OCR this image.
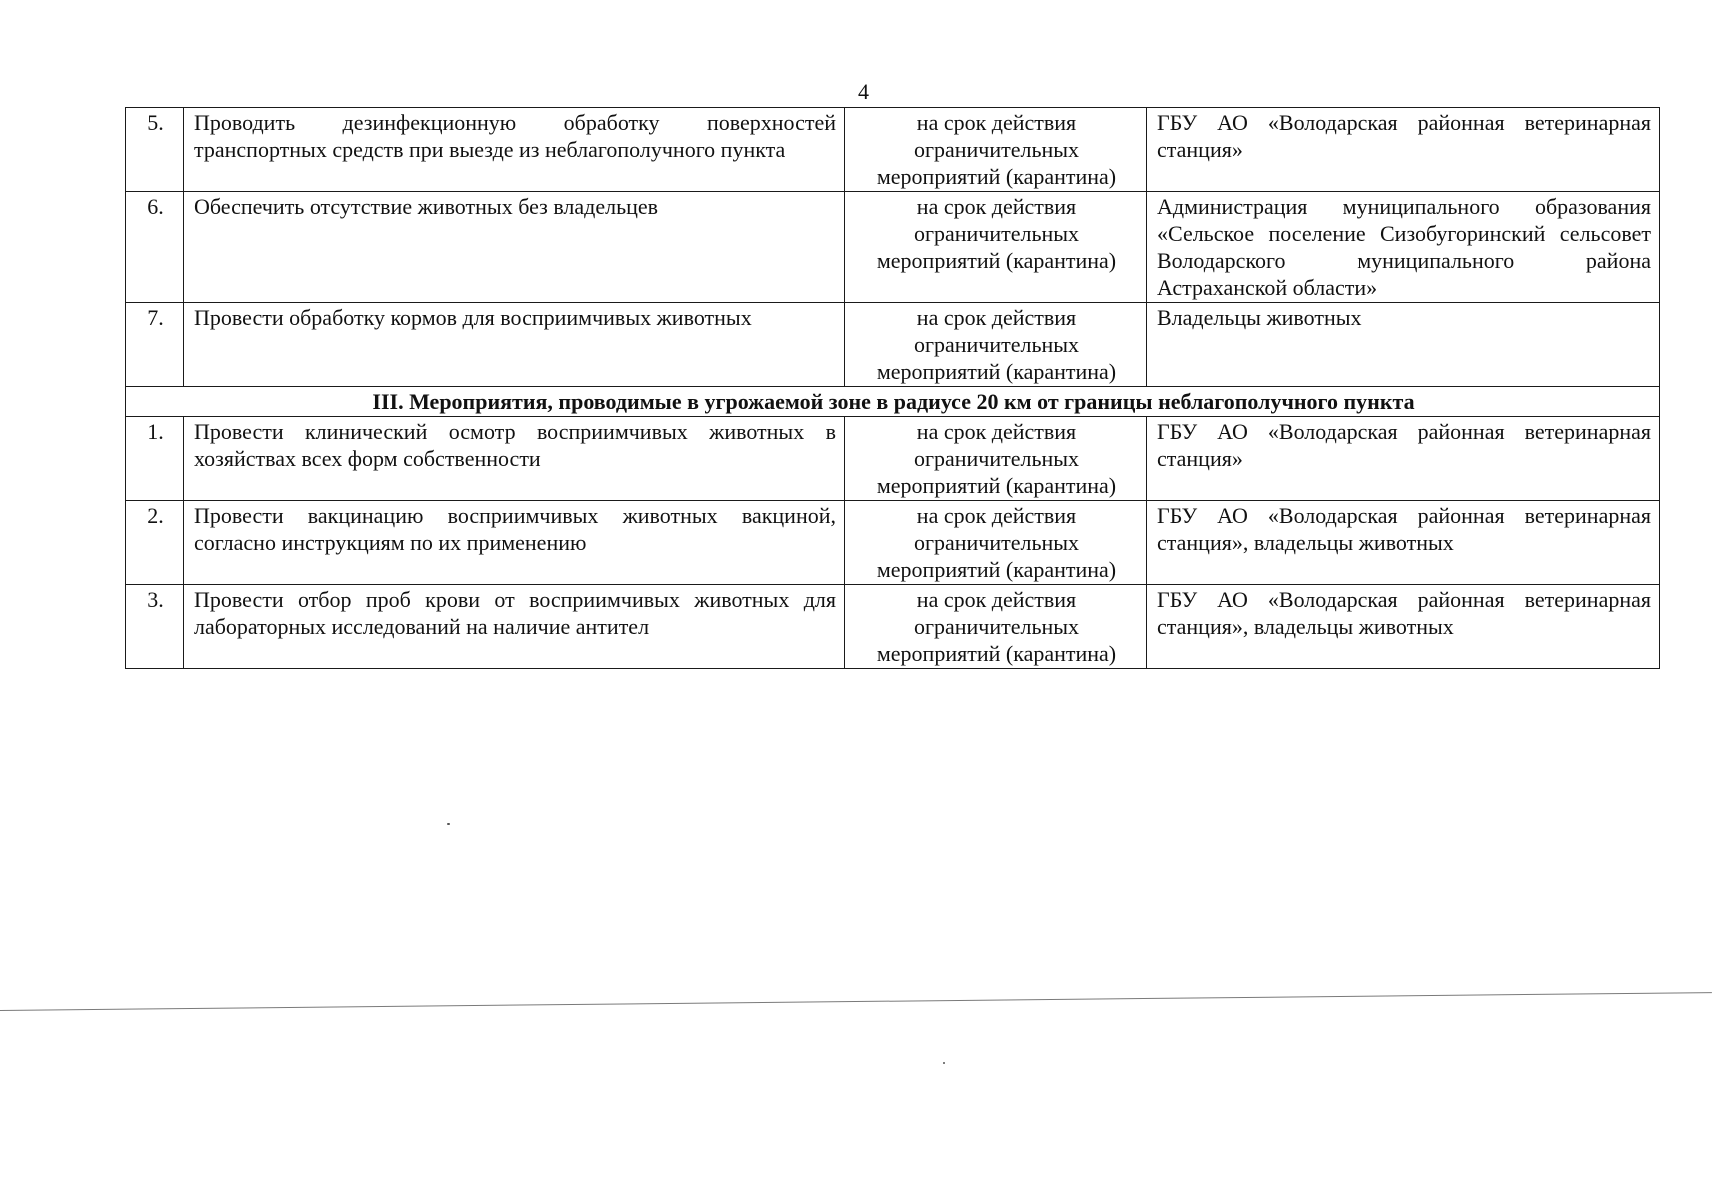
4
5.	Проводить дезинфекционную обработку поверхностей транспортных средств при выезде из неблагополучного пункта	на срок действия ограничительных мероприятий (карантина)	ГБУ АО «Володарская районная ветеринарная станция»
6.	Обеспечить отсутствие животных без владельцев	на срок действия ограничительных мероприятий (карантина)	Администрация муниципального образования «Сельское поселение Сизобугоринский сельсовет Володарского муниципального района Астраханской области»
7.	Провести обработку кормов для восприимчивых животных	на срок действия ограничительных мероприятий (карантина)	Владельцы животных
III. Мероприятия, проводимые в угрожаемой зоне в радиусе 20 км от границы неблагополучного пункта			
1.	Провести клинический осмотр восприимчивых животных в хозяйствах всех форм собственности	на срок действия ограничительных мероприятий (карантина)	ГБУ АО «Володарская районная ветеринарная станция»
2.	Провести вакцинацию восприимчивых животных вакциной, согласно инструкциям по их применению	на срок действия ограничительных мероприятий (карантина)	ГБУ АО «Володарская районная ветеринарная станция», владельцы животных
3.	Провести отбор проб крови от восприимчивых животных для лабораторных исследований на наличие антител	на срок действия ограничительных мероприятий (карантина)	ГБУ АО «Володарская районная ветеринарная станция», владельцы животных
